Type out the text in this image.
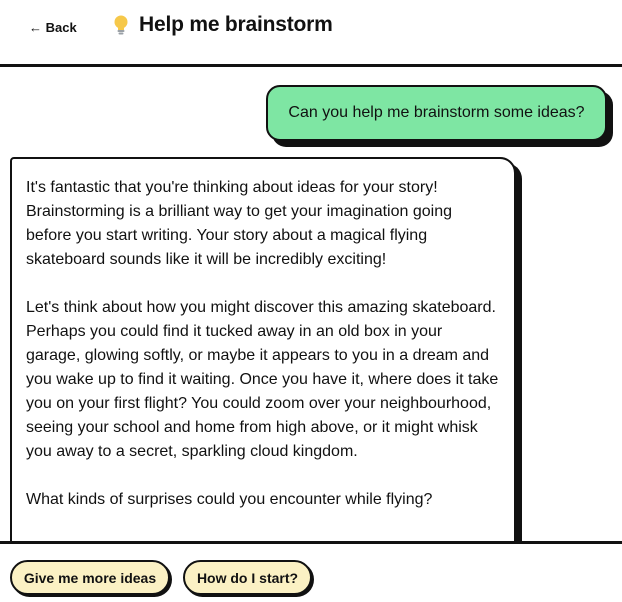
← Back	Help me brainstorm
Can you help me brainstorm some ideas?

It's fantastic that you're thinking about ideas for your story! Brainstorming is a brilliant way to get your imagination going before you start writing. Your story about a magical flying skateboard sounds like it will be incredibly exciting!

Let's think about how you might discover this amazing skateboard. Perhaps you could find it tucked away in an old box in your garage, glowing softly, or maybe it appears to you in a dream and you wake up to find it waiting. Once you have it, where does it take you on your first flight? You could zoom over your neighbourhood, seeing your school and home from high above, or it might whisk you away to a secret, sparkling cloud kingdom.

What kinds of surprises could you encounter while flying?

Give me more ideas	How do I start?
